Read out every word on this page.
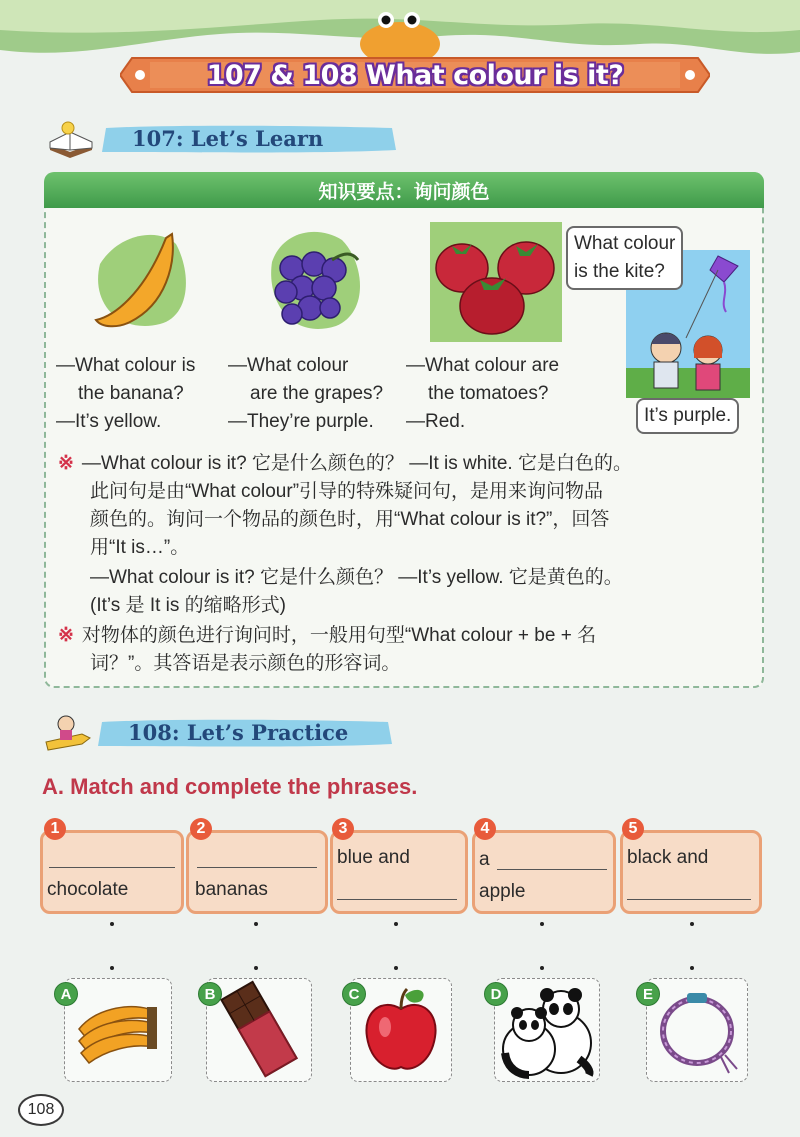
107 & 108 What colour is it?
107: Let’s Learn
知识要点：询问颜色
—What colour is
the banana?
—It’s yellow.
—What colour
are the grapes?
—They’re purple.
—What colour are
the tomatoes?
—Red.
What colour
is the kite?
It’s purple.
※ —What colour is it? 它是什么颜色的？ —It is white. 它是白色的。
此问句是由“What colour”引导的特殊疑问句，是用来询问物品
颜色的。询问一个物品的颜色时，用“What colour is it?”，回答
用“It is…”。
—What colour is it? 它是什么颜色？ —It’s yellow. 它是黄色的。
(It’s 是 It is 的缩略形式)
※ 对物体的颜色进行询问时，一般用句型“What colour + be + 名
词？”。其答语是表示颜色的形容词。
108: Let’s Practice
A. Match and complete the phrases.
chocolate	bananas
blue and	a
apple
black and
1	2	3	4	5
A	B	C	D	E
108
